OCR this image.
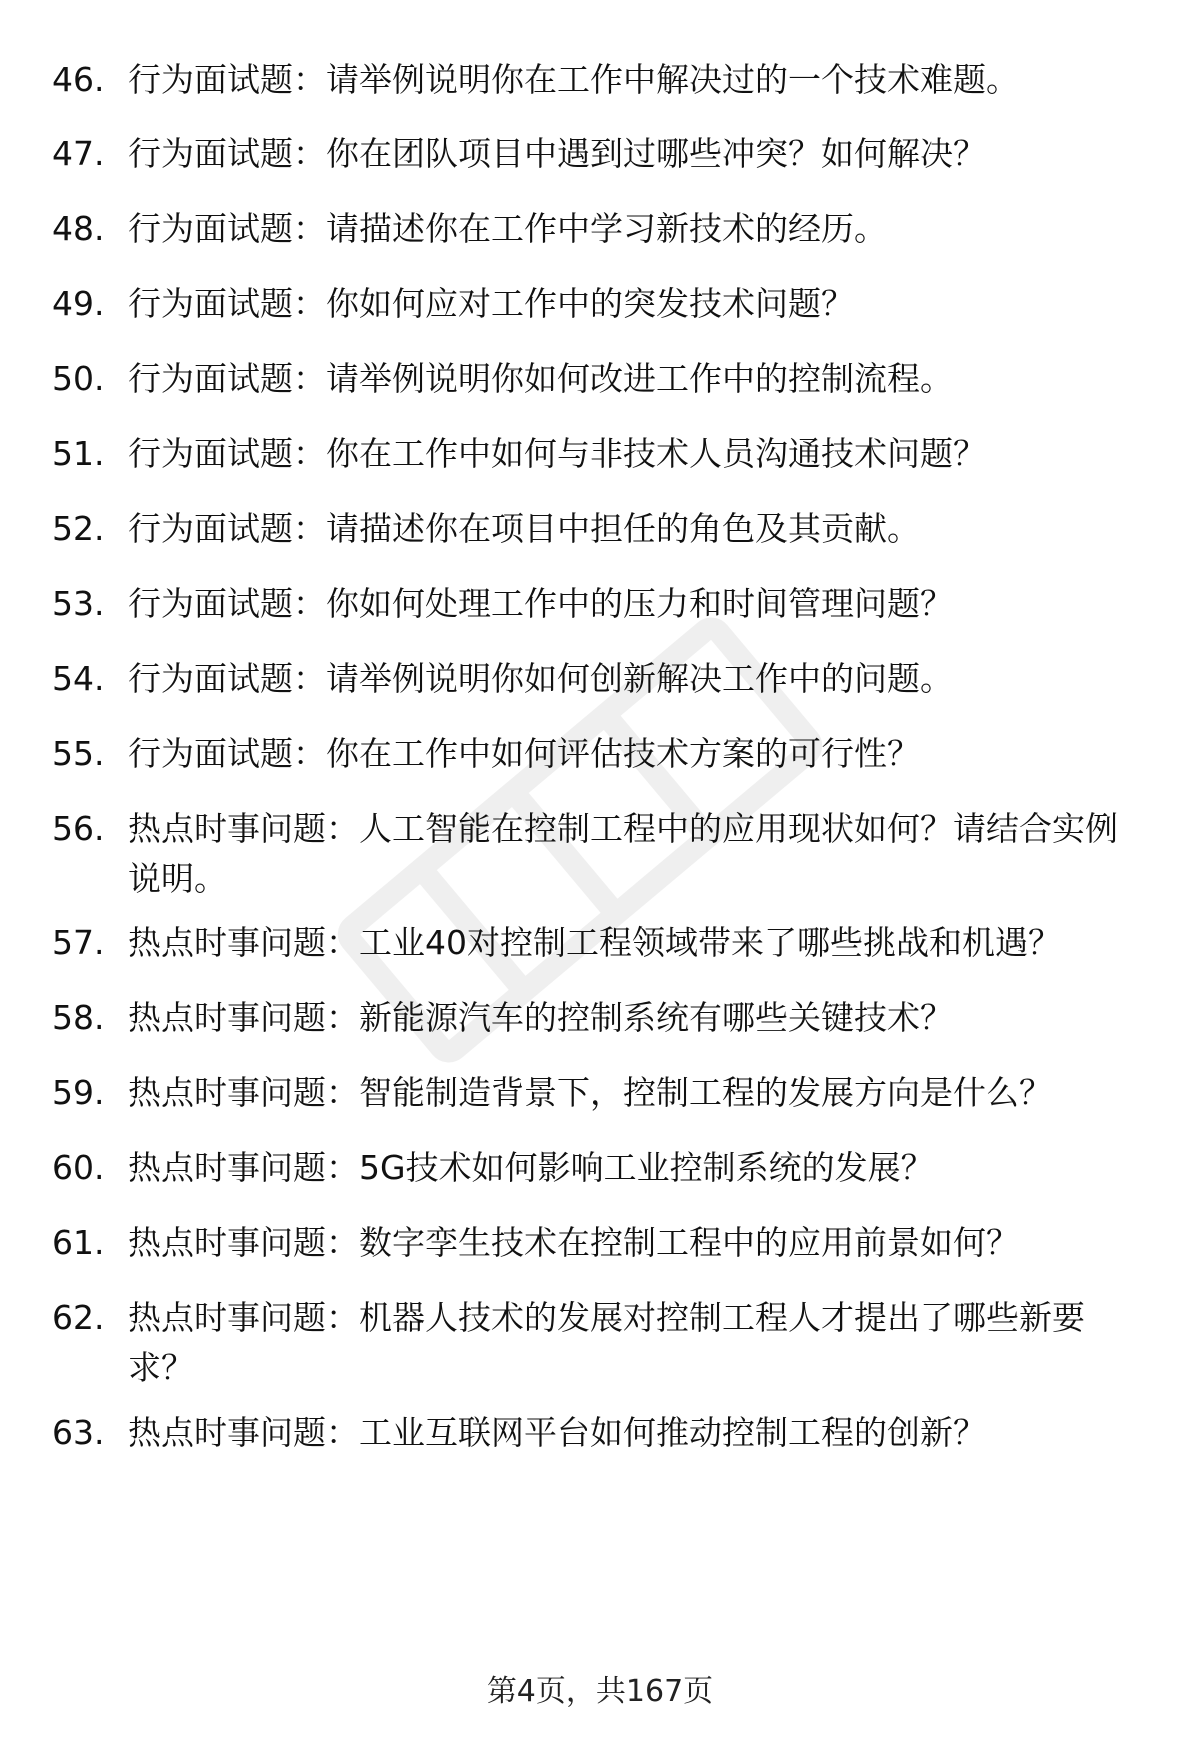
46. 行为面试题：请举例说明你在工作中解决过的一个技术难题。
47. 行为面试题：你在团队项目中遇到过哪些冲突？如何解决？
48. 行为面试题：请描述你在工作中学习新技术的经历。
49. 行为面试题：你如何应对工作中的突发技术问题？
50. 行为面试题：请举例说明你如何改进工作中的控制流程。
51. 行为面试题：你在工作中如何与非技术人员沟通技术问题？
52. 行为面试题：请描述你在项目中担任的角色及其贡献。
53. 行为面试题：你如何处理工作中的压力和时间管理问题？
54. 行为面试题：请举例说明你如何创新解决工作中的问题。
55. 行为面试题：你在工作中如何评估技术方案的可行性？
56. 热点时事问题：人工智能在控制工程中的应用现状如何？请结合实例说明。
57. 热点时事问题：工业40对控制工程领域带来了哪些挑战和机遇？
58. 热点时事问题：新能源汽车的控制系统有哪些关键技术？
59. 热点时事问题：智能制造背景下，控制工程的发展方向是什么？
60. 热点时事问题：5G技术如何影响工业控制系统的发展？
61. 热点时事问题：数字孪生技术在控制工程中的应用前景如何？
62. 热点时事问题：机器人技术的发展对控制工程人才提出了哪些新要求？
63. 热点时事问题：工业互联网平台如何推动控制工程的创新？
第4页，共167页
